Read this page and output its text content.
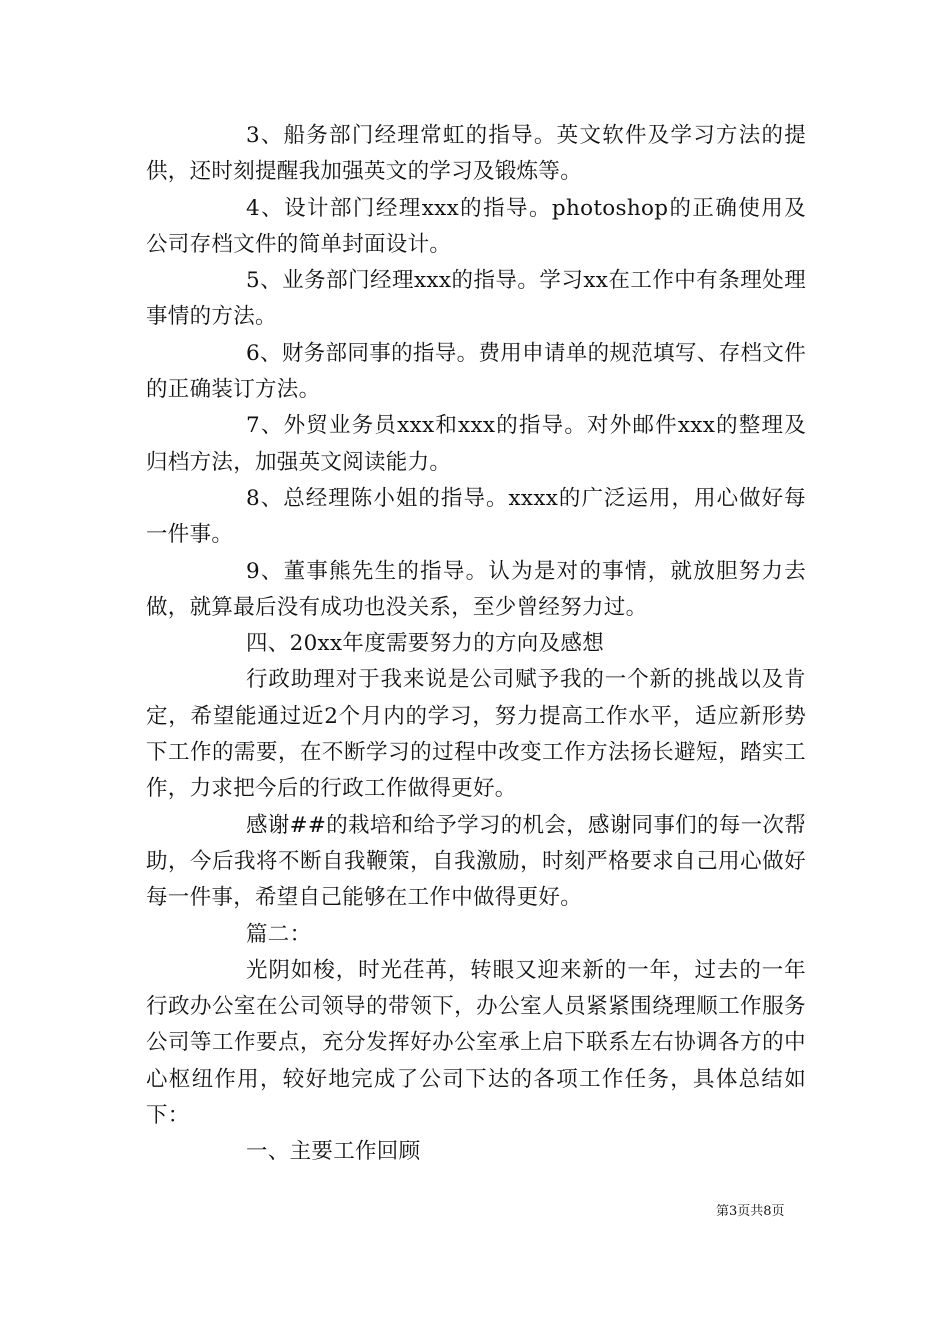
3、船务部门经理常虹的指导。英文软件及学习方法的提供，还时刻提醒我加强英文的学习及锻炼等。

4、设计部门经理xxx的指导。photoshop的正确使用及公司存档文件的简单封面设计。

5、业务部门经理xxx的指导。学习xx在工作中有条理处理事情的方法。

6、财务部同事的指导。费用申请单的规范填写、存档文件的正确装订方法。

7、外贸业务员xxx和xxx的指导。对外邮件xxx的整理及归档方法，加强英文阅读能力。

8、总经理陈小姐的指导。xxxx的广泛运用，用心做好每一件事。

9、董事熊先生的指导。认为是对的事情，就放胆努力去做，就算最后没有成功也没关系，至少曾经努力过。

四、20xx年度需要努力的方向及感想

行政助理对于我来说是公司赋予我的一个新的挑战以及肯定，希望能通过近2个月内的学习，努力提高工作水平，适应新形势下工作的需要，在不断学习的过程中改变工作方法扬长避短，踏实工作，力求把今后的行政工作做得更好。

感谢##的栽培和给予学习的机会，感谢同事们的每一次帮助，今后我将不断自我鞭策，自我激励，时刻严格要求自己用心做好每一件事，希望自己能够在工作中做得更好。

篇二：

光阴如梭，时光荏苒，转眼又迎来新的一年，过去的一年行政办公室在公司领导的带领下，办公室人员紧紧围绕理顺工作服务公司等工作要点，充分发挥好办公室承上启下联系左右协调各方的中心枢纽作用，较好地完成了公司下达的各项工作任务，具体总结如下：

一、主要工作回顾

第3页共8页
